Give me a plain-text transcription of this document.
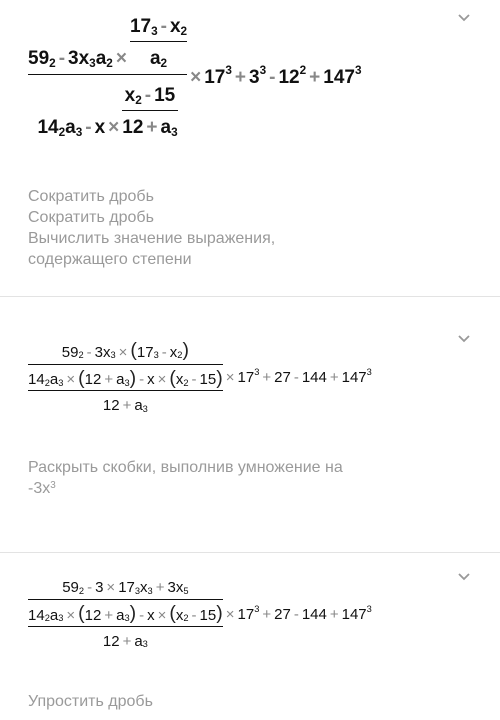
$59^2 - 3$ $x^3$ $a^2 \times \frac{17^3 - x^2}{a^2}$
$14^2$ $a^3 - x \times \frac{x^2 - 15}{12 + a^3}$
× $17^3 + 3^3 - 12^2 + 147^3$
Сократить дробь
Сократить дробь
Вычислить значение выражения,
содержащего степени
$59^2 - 3$ $x^3$ × ( $17^3 - x^2$ )
$14^2$ $a^3$ × ( $12 + a^3$ ) - x × ( $x^2 - 15$ )
$12 + a^3$
× $17^3 + 27 - 144 + 147^3$
Раскрыть скобки, выполнив умножение на
$-3x^3$
$59^2 - 3 \times 17^3$ $x^3 + 3$ $x^5$
$14^2$ $a^3$ × ( $12 + a^3$ ) - x × ( $x^2 - 15$ )
$12 + a^3$
× $17^3 + 27 - 144 + 147^3$
Упростить дробь
